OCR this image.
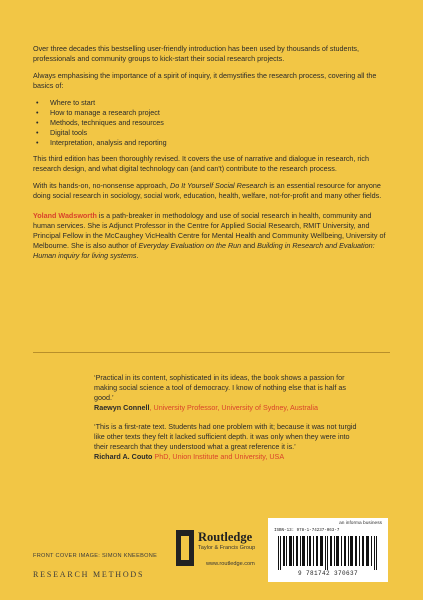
Over three decades this bestselling user-friendly introduction has been used by thousands of students, professionals and community groups to kick-start their social research projects.

Always emphasising the importance of a spirit of inquiry, it demystifies the research process, covering all the basics of:

• Where to start
• How to manage a research project
• Methods, techniques and resources
• Digital tools
• Interpretation, analysis and reporting

This third edition has been thoroughly revised. It covers the use of narrative and dialogue in research, rich research design, and what digital technology can (and can't) contribute to the research process.

With its hands-on, no-nonsense approach, Do It Yourself Social Research is an essential resource for anyone doing social research in sociology, social work, education, health, welfare, not-for-profit and many other fields.

Yoland Wadsworth is a path-breaker in methodology and use of social research in health, community and human services. She is Adjunct Professor in the Centre for Applied Social Research, RMIT University, and Principal Fellow in the McCaughey VicHealth Centre for Mental Health and Community Wellbeing, University of Melbourne. She is also author of Everyday Evaluation on the Run and Building in Research and Evaluation: Human inquiry for living systems.

‘Practical in its content, sophisticated in its ideas, the book shows a passion for making social science a tool of democracy. I know of nothing else that is half as good.’
Raewyn Connell, University Professor, University of Sydney, Australia
‘This is a first-rate text. Students had one problem with it; because it was not turgid like other texts they felt it lacked sufficient depth. it was only when they were into their research that they understood what a great reference it is.’
Richard A. Couto PhD, Union Institute and University, USA
FRONT COVER IMAGE: SIMON KNEEBONE
RESEARCH METHODS
Routledge
Taylor & Francis Group
www.routledge.com
an informa business
ISBN-13: 978-1-74237-063-7
9 781742 370637
